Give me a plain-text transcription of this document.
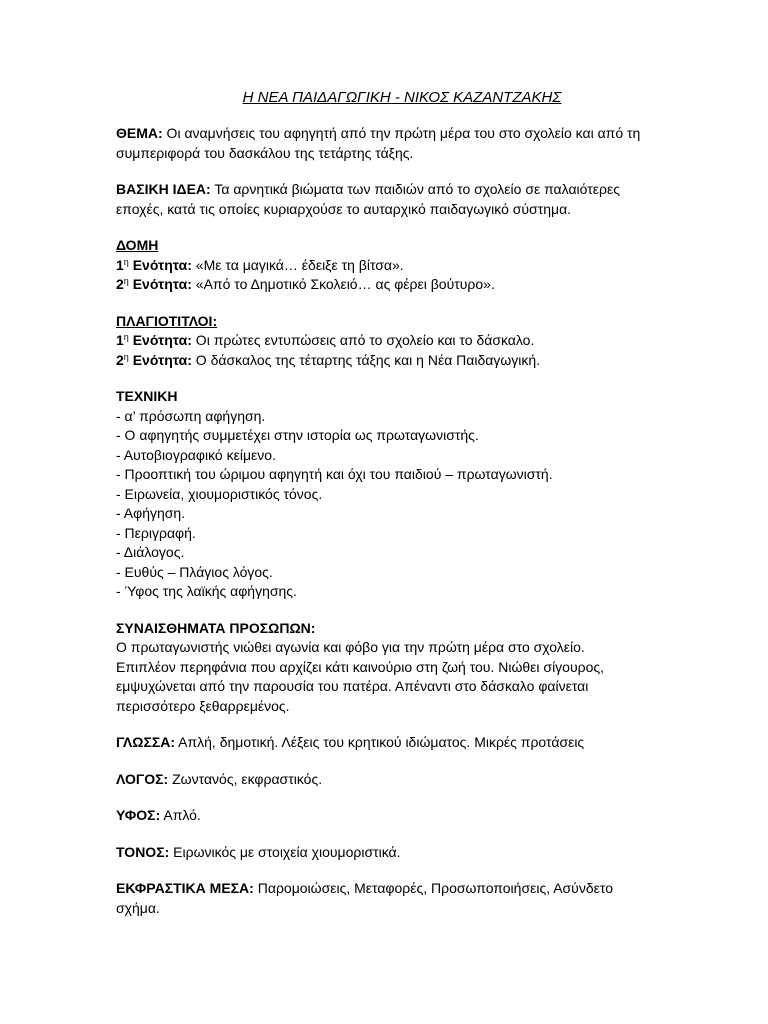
Η ΝΕΑ ΠΑΙΔΑΓΩΓΙΚΗ - ΝΙΚΟΣ ΚΑΖΑΝΤΖΑΚΗΣ
ΘΕΜΑ: Οι αναμνήσεις του αφηγητή από την πρώτη μέρα του στο σχολείο και από τη
συμπεριφορά του δασκάλου της τετάρτης τάξης.
ΒΑΣΙΚΗ ΙΔΕΑ: Τα αρνητικά βιώματα των παιδιών από το σχολείο σε παλαιότερες
εποχές, κατά τις οποίες κυριαρχούσε το αυταρχικό παιδαγωγικό σύστημα.
ΔΟΜΗ
$1^\eta$ Ενότητα: «Με τα μαγικά… έδειξε τη βίτσα».
$2^\eta$ Ενότητα: «Από το Δημοτικό Σκολειό… ας φέρει βούτυρο».
ΠΛΑΓΙΟΤΙΤΛΟΙ:
$1^\eta$ Ενότητα: Οι πρώτες εντυπώσεις από το σχολείο και το δάσκαλο.
$2^\eta$ Ενότητα: Ο δάσκαλος της τέταρτης τάξης και η Νέα Παιδαγωγική.
ΤΕΧΝΙΚΗ
- α’ πρόσωπη αφήγηση.
- Ο αφηγητής συμμετέχει στην ιστορία ως πρωταγωνιστής.
- Αυτοβιογραφικό κείμενο.
- Προοπτική του ώριμου αφηγητή και όχι του παιδιού – πρωταγωνιστή.
- Ειρωνεία, χιουμοριστικός τόνος.
- Αφήγηση.
- Περιγραφή.
- Διάλογος.
- Ευθύς – Πλάγιος λόγος.
- Ύφος της λαϊκής αφήγησης.
ΣΥΝΑΙΣΘΗΜΑΤΑ ΠΡΟΣΩΠΩΝ:
Ο πρωταγωνιστής νιώθει αγωνία και φόβο για την πρώτη μέρα στο σχολείο.
Επιπλέον περηφάνια που αρχίζει κάτι καινούριο στη ζωή του. Νιώθει σίγουρος,
εμψυχώνεται από την παρουσία του πατέρα. Απέναντι στο δάσκαλο φαίνεται
περισσότερο ξεθαρρεμένος.
ΓΛΩΣΣΑ: Απλή, δημοτική. Λέξεις του κρητικού ιδιώματος. Μικρές προτάσεις
ΛΟΓΟΣ: Ζωντανός, εκφραστικός.
ΥΦΟΣ: Απλό.
ΤΟΝΟΣ: Ειρωνικός με στοιχεία χιουμοριστικά.
ΕΚΦΡΑΣΤΙΚΑ ΜΕΣΑ: Παρομοιώσεις, Μεταφορές, Προσωποποιήσεις, Ασύνδετο
σχήμα.
